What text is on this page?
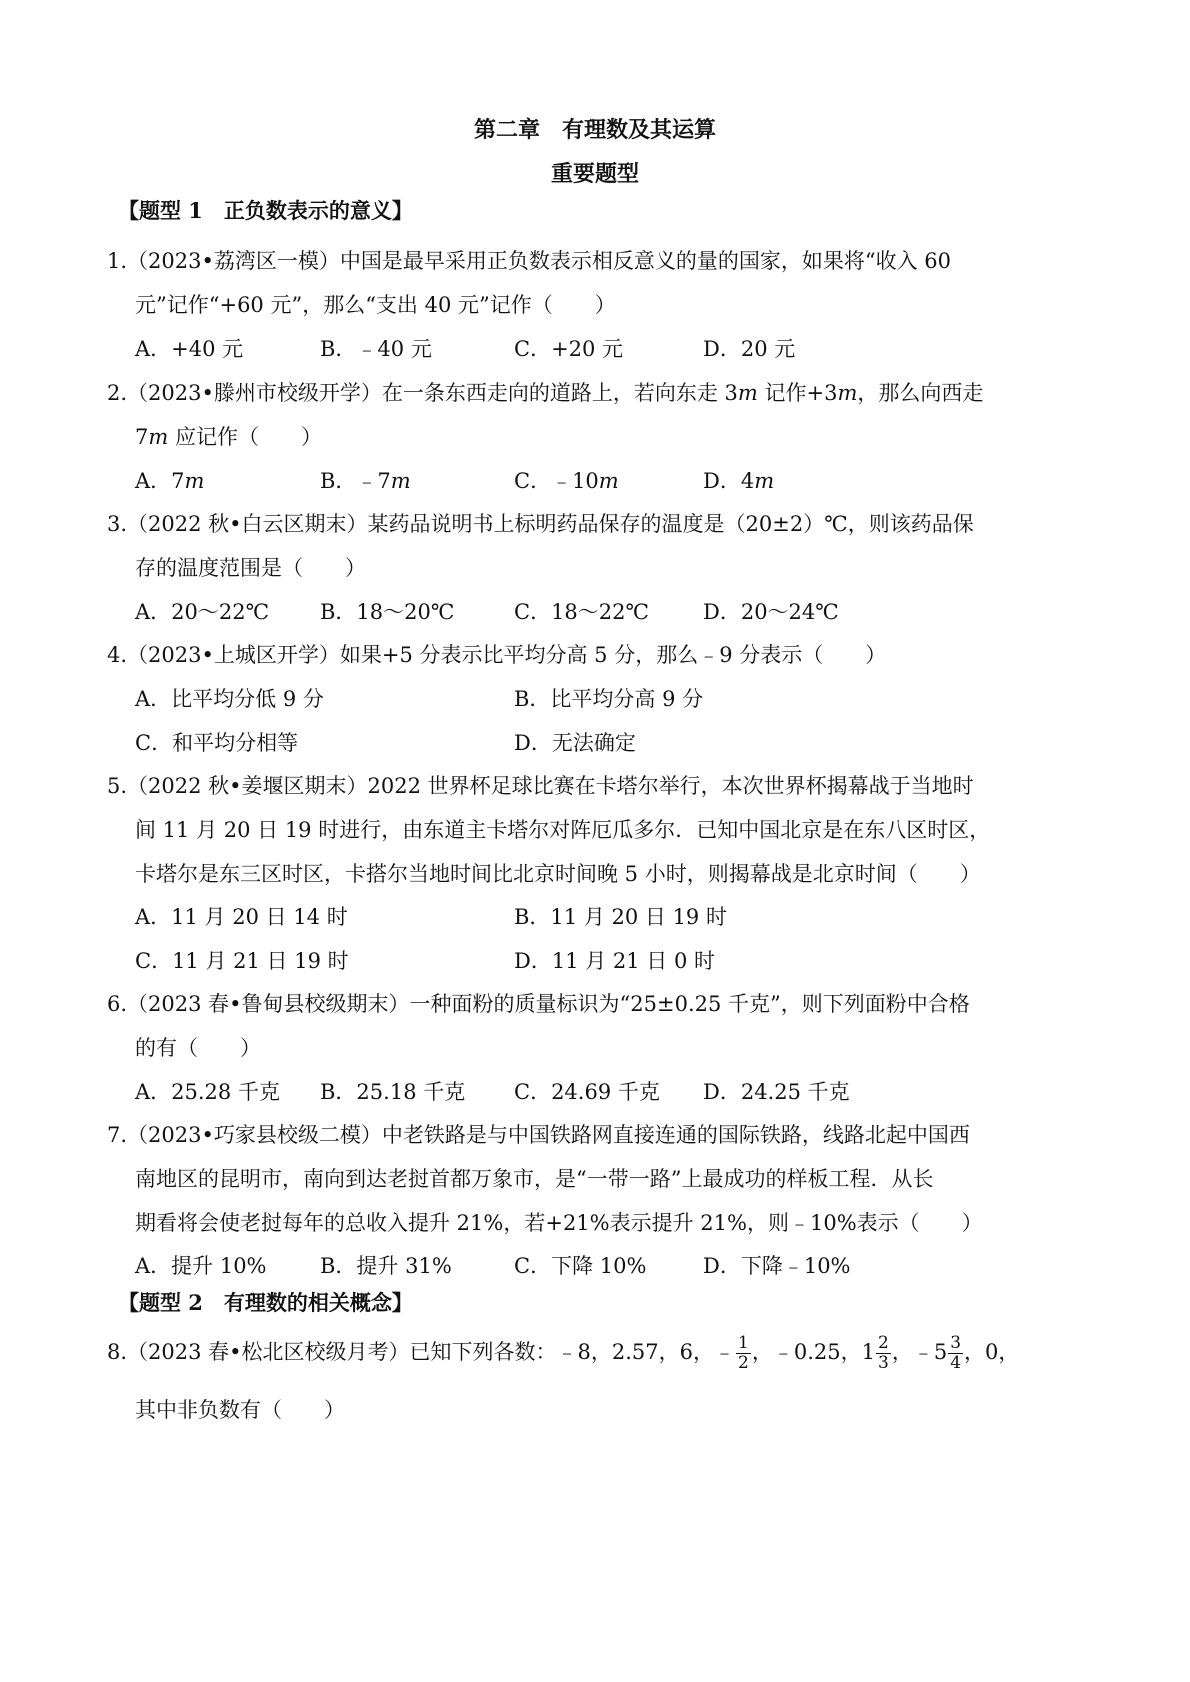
第二章　有理数及其运算
重要题型
【题型 1　正负数表示的意义】
1.（2023•荔湾区一模）中国是最早采用正负数表示相反意义的量的国家，如果将“收入 60
元”记作“+60 元”，那么“支出 40 元”记作（　　）
A．+40 元	B．﹣40 元	C．+20 元	D．20 元
2.（2023•滕州市校级开学）在一条东西走向的道路上，若向东走 3m 记作+3m，那么向西走
7m 应记作（　　）
A．7m	B．﹣7m	C．﹣10m	D．4m
3.（2022 秋•白云区期末）某药品说明书上标明药品保存的温度是（20±2）℃，则该药品保
存的温度范围是（　　）
A．20～22℃ B．18～20℃	C．18～22℃	D．20～24℃
4.（2023•上城区开学）如果+5 分表示比平均分高 5 分，那么﹣9 分表示（　　）
A．比平均分低 9 分	B．比平均分高 9 分
C．和平均分相等	D．无法确定
5.（2022 秋•姜堰区期末）2022 世界杯足球比赛在卡塔尔举行，本次世界杯揭幕战于当地时
间 11 月 20 日 19 时进行，由东道主卡塔尔对阵厄瓜多尔．已知中国北京是在东八区时区，
卡塔尔是东三区时区，卡搭尔当地时间比北京时间晚 5 小时，则揭幕战是北京时间（　　）
A．11 月 20 日 14 时	B．11 月 20 日 19 时
C．11 月 21 日 19 时	D．11 月 21 日 0 时
6.（2023 春•鲁甸县校级期末）一种面粉的质量标识为“25±0.25 千克”，则下列面粉中合格
的有（　　）
A．25.28 千克 B．25.18 千克 C．24.69 千克 D．24.25 千克
7.（2023•巧家县校级二模）中老铁路是与中国铁路网直接连通的国际铁路，线路北起中国西
南地区的昆明市，南向到达老挝首都万象市，是“一带一路”上最成功的样板工程．从长
期看将会使老挝每年的总收入提升 21%，若+21%表示提升 21%，则﹣10%表示（　　）
A．提升 10%	B．提升 31%	C．下降 10%	D．下降﹣10%
【题型 2　有理数的相关概念】
8.（2023 春•松北区校级月考）已知下列各数：﹣8，2.57，6，﹣ $\frac{1}{2}$ ，﹣0.25，$1 \frac{2}{3}$ ，﹣5 $\frac{3}{4}$ ，0，
其中非负数有（　　）
